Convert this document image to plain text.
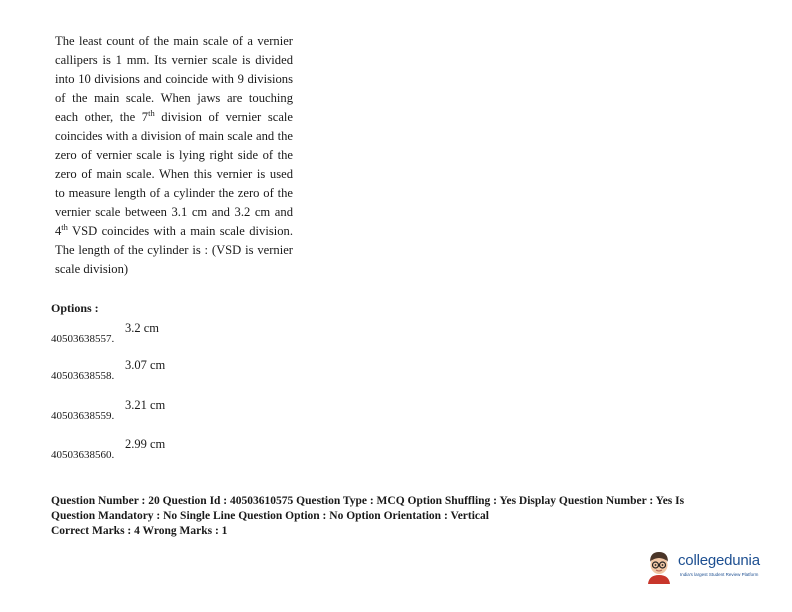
The least count of the main scale of a vernier callipers is 1 mm. Its vernier scale is divided into 10 divisions and coincide with 9 divisions of the main scale. When jaws are touching each other, the 7th division of vernier scale coincides with a division of main scale and the zero of vernier scale is lying right side of the zero of main scale. When this vernier is used to measure length of a cylinder the zero of the vernier scale between 3.1 cm and 3.2 cm and 4th VSD coincides with a main scale division. The length of the cylinder is : (VSD is vernier scale division)
Options :
40503638557.
3.2 cm
40503638558.
3.07 cm
40503638559.
3.21 cm
40503638560.
2.99 cm
Question Number : 20 Question Id : 40503610575 Question Type : MCQ Option Shuffling : Yes Display Question Number : Yes Is
Question Mandatory : No Single Line Question Option : No Option Orientation : Vertical
Correct Marks : 4 Wrong Marks : 1
collegedunia
India's largest Student Review Platform
